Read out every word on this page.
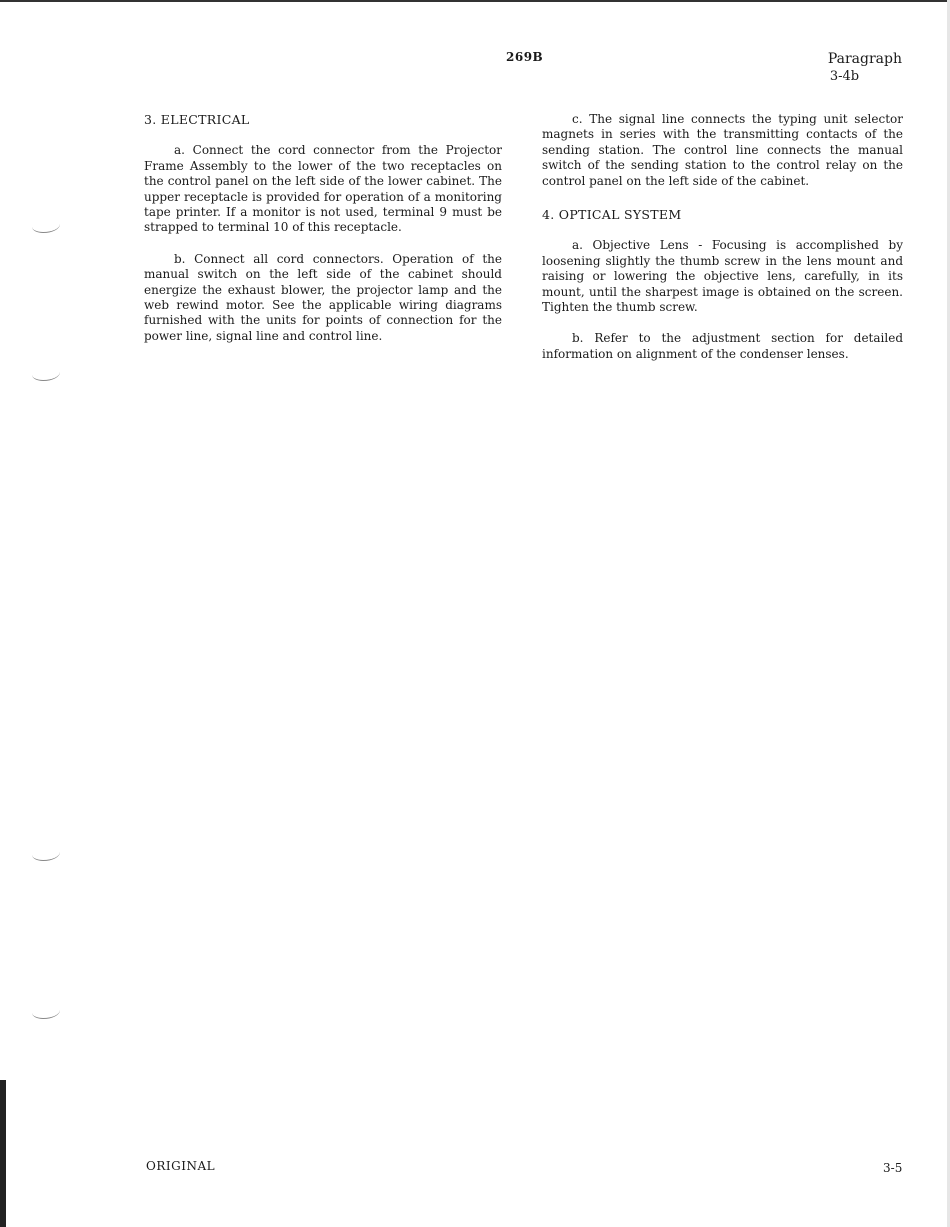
269B	Paragraph
3-4b
3. ELECTRICAL
a. Connect the cord connector from the Projector Frame Assembly to the lower of the two receptacles on the control panel on the left side of the lower cabinet. The upper receptacle is provided for operation of a monitoring tape printer. If a monitor is not used, terminal 9 must be strapped to terminal 10 of this receptacle.
b. Connect all cord connectors. Operation of the manual switch on the left side of the cabinet should energize the exhaust blower, the projector lamp and the web rewind motor. See the applicable wiring diagrams furnished with the units for points of connection for the power line, signal line and control line.
c. The signal line connects the typing unit selector magnets in series with the transmitting contacts of the sending station. The control line connects the manual switch of the sending station to the control relay on the control panel on the left side of the cabinet.
4. OPTICAL SYSTEM
a. Objective Lens - Focusing is accomplished by loosening slightly the thumb screw in the lens mount and raising or lowering the objective lens, carefully, in its mount, until the sharpest image is obtained on the screen. Tighten the thumb screw.
b. Refer to the adjustment section for detailed information on alignment of the condenser lenses.
ORIGINAL	3-5
